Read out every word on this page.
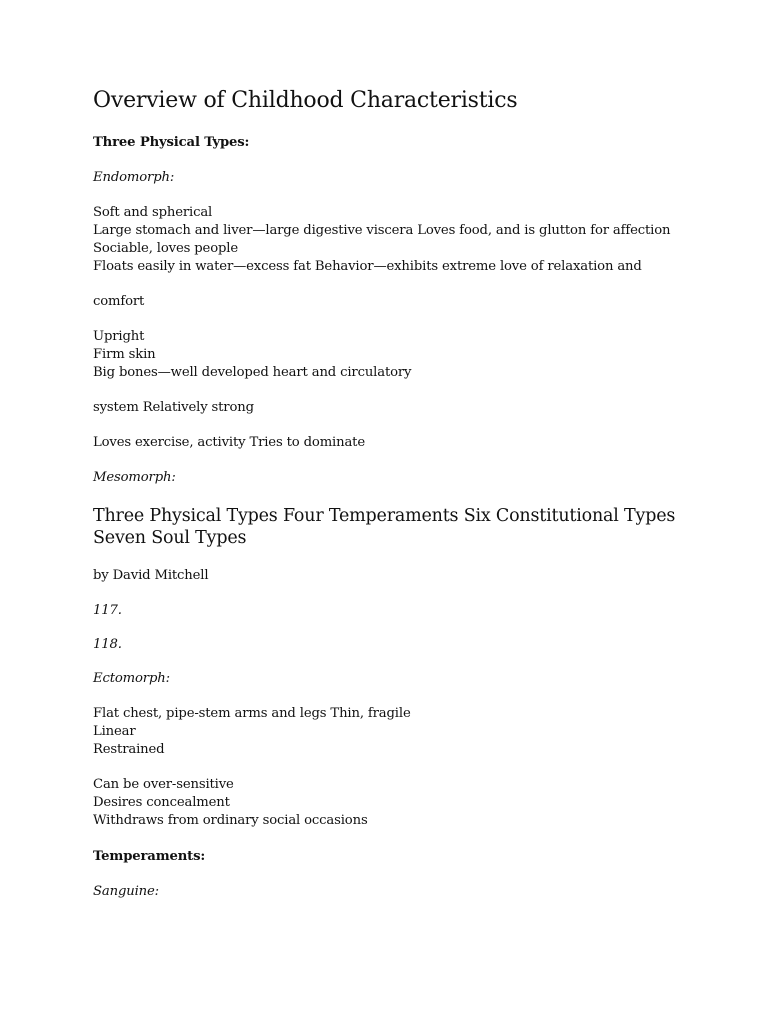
Overview of Childhood Characteristics

Three Physical Types:

Endomorph:

Soft and spherical

Large stomach and liver—large digestive viscera Loves food, and is glutton for affection

Sociable, loves people

Floats easily in water—excess fat Behavior—exhibits extreme love of relaxation and

comfort

Upright

Firm skin

Big bones—well developed heart and circulatory

system Relatively strong

Loves exercise, activity Tries to dominate

Mesomorph:

Three Physical Types Four Temperaments Six Constitutional Types Seven Soul Types

by David Mitchell

117.

118.

Ectomorph:

Flat chest, pipe-stem arms and legs Thin, fragile

Linear

Restrained

Can be over-sensitive

Desires concealment

Withdraws from ordinary social occasions

Temperaments:

Sanguine:
